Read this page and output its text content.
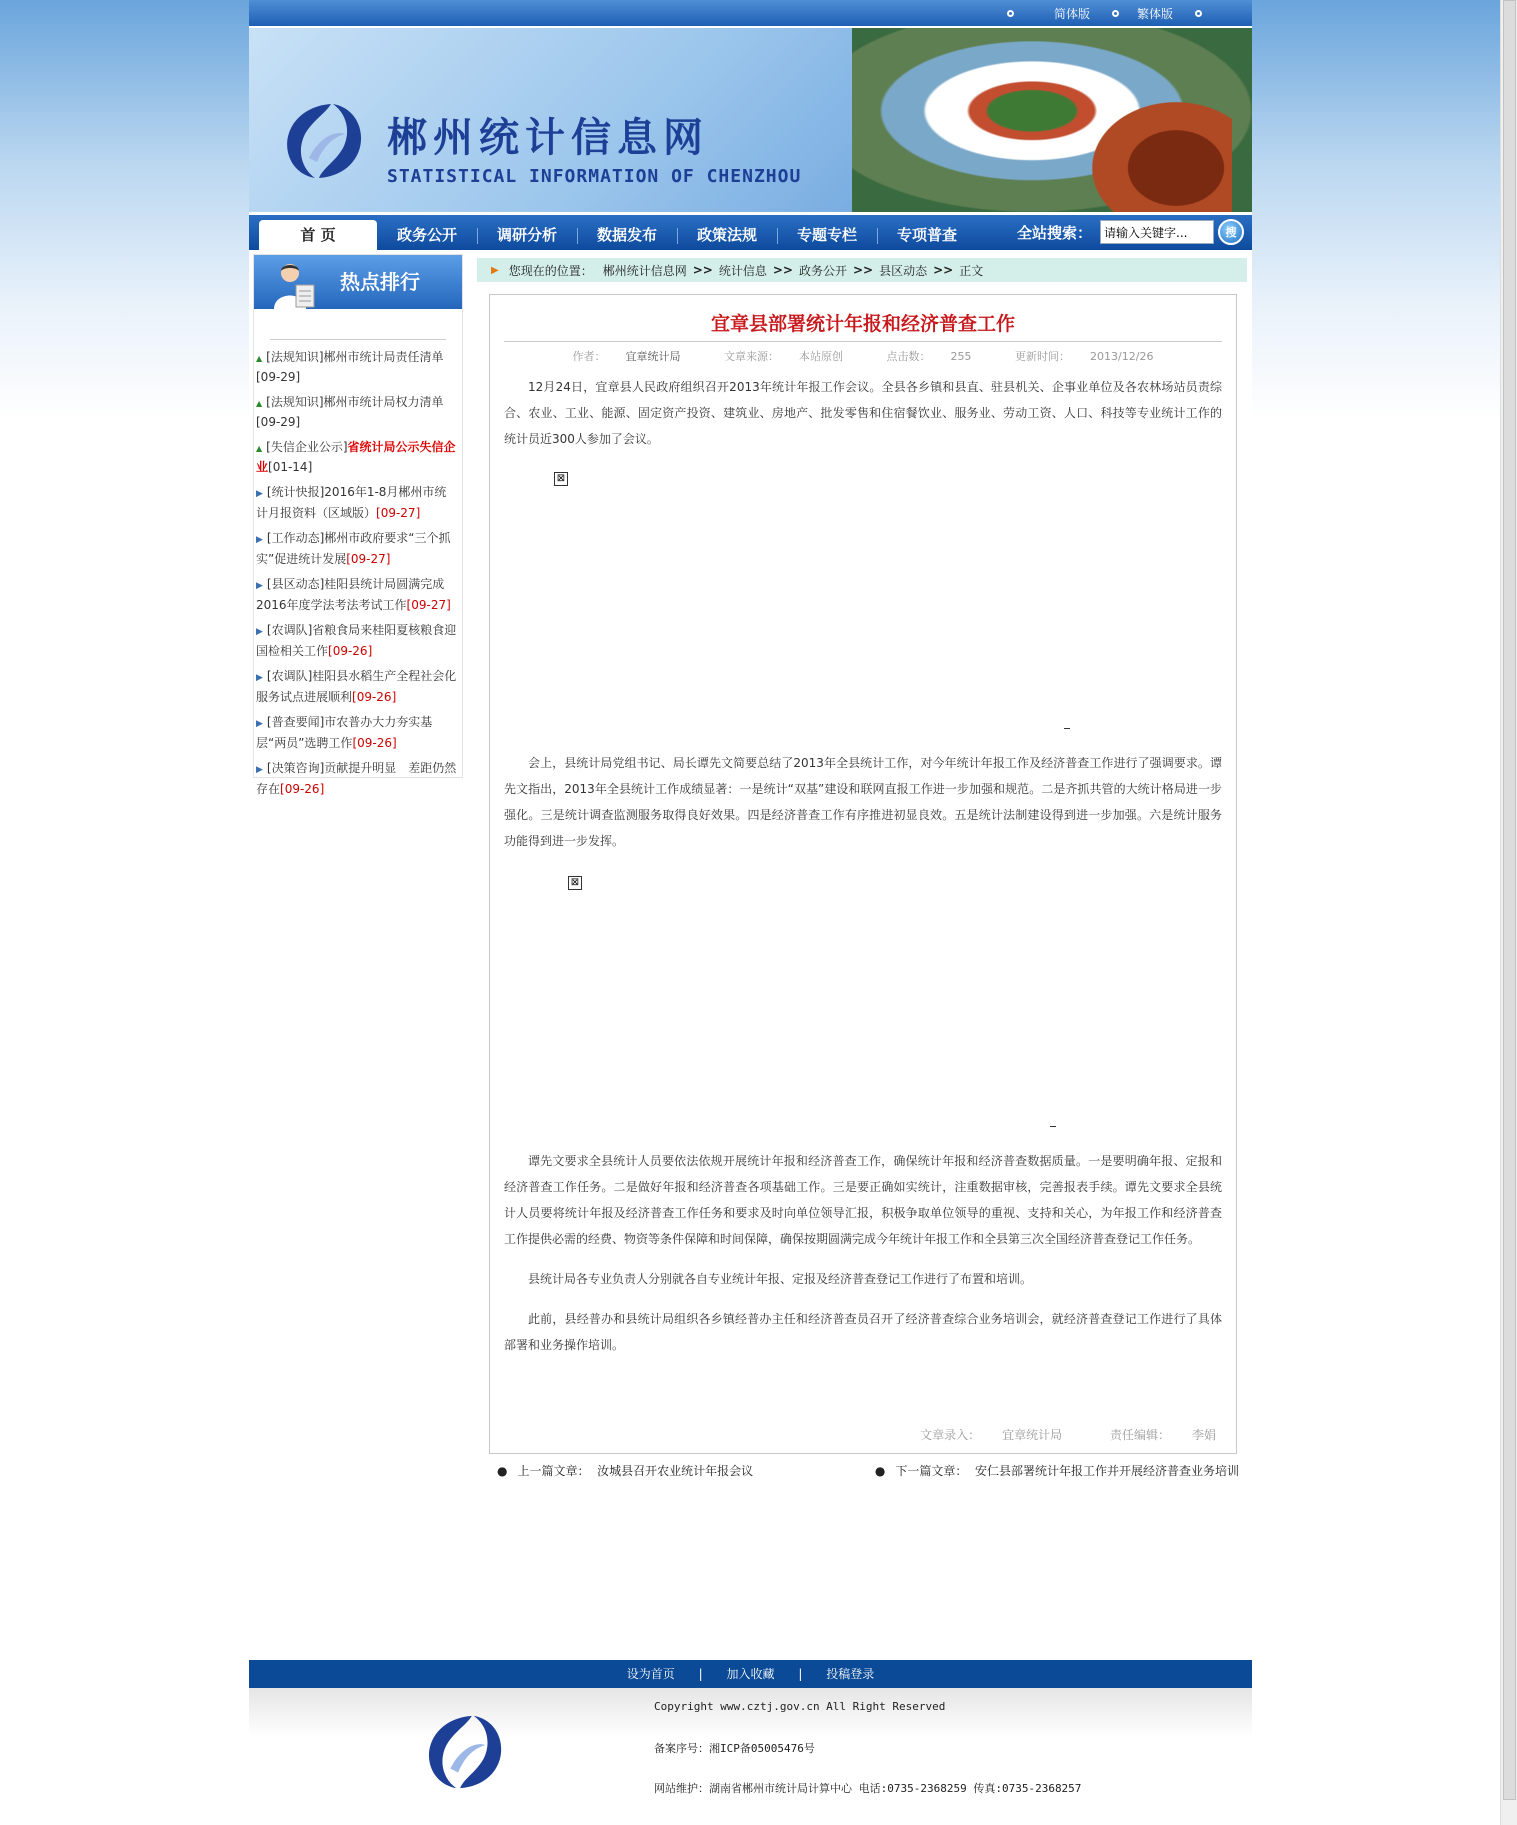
简体版	繁体版
郴州统计信息网
STATISTICAL INFORMATION OF CHENZHOU
首 页	政务公开	调研分析	数据发布	政策法规	专题专栏	专项普查	全站搜索：
请输入关键字...	搜
热点排行
▲ [法规知识]郴州市统计局责任清单
[09-29]
▲ [法规知识]郴州市统计局权力清单
[09-29]
▲ [失信企业公示]省统计局公示失信企业[01-14]
▶ [统计快报]2016年1-8月郴州市统计月报资料（区域版）[09-27]
▶ [工作动态]郴州市政府要求“三个抓实”促进统计发展[09-27]
▶ [县区动态]桂阳县统计局圆满完成2016年度学法考法考试工作[09-27]
▶ [农调队]省粮食局来桂阳夏核粮食迎国检相关工作[09-26]
▶ [农调队]桂阳县水稻生产全程社会化服务试点进展顺利[09-26]
▶ [普查要闻]市农普办大力夯实基层“两员”选聘工作[09-26]
▶ [决策咨询]贡献提升明显　差距仍然存在[09-26]
▶ 您现在的位置： 郴州统计信息网 >> 统计信息 >> 政务公开 >> 县区动态 >> 正文
宜章县部署统计年报和经济普查工作
作者： 宜章统计局	文章来源： 本站原创	点击数： 255	更新时间： 2013/12/26

12月24日，宜章县人民政府组织召开2013年统计年报工作会议。全县各乡镇和县直、驻县机关、企事业单位及各农林场站员责综合、农业、工业、能源、固定资产投资、建筑业、房地产、批发零售和住宿餐饮业、服务业、劳动工资、人口、科技等专业统计工作的统计员近300人参加了会议。

⊠

会上，县统计局党组书记、局长谭先文简要总结了2013年全县统计工作，对今年统计年报工作及经济普查工作进行了强调要求。谭先文指出，2013年全县统计工作成绩显著：一是统计“双基”建设和联网直报工作进一步加强和规范。二是齐抓共管的大统计格局进一步强化。三是统计调查监测服务取得良好效果。四是经济普查工作有序推进初显良效。五是统计法制建设得到进一步加强。六是统计服务功能得到进一步发挥。

⊠

谭先文要求全县统计人员要依法依规开展统计年报和经济普查工作，确保统计年报和经济普查数据质量。一是要明确年报、定报和经济普查工作任务。二是做好年报和经济普查各项基础工作。三是要正确如实统计，注重数据审核，完善报表手续。谭先文要求全县统计人员要将统计年报及经济普查工作任务和要求及时向单位领导汇报，积极争取单位领导的重视、支持和关心，为年报工作和经济普查工作提供必需的经费、物资等条件保障和时间保障，确保按期圆满完成今年统计年报工作和全县第三次全国经济普查登记工作任务。

县统计局各专业负责人分别就各自专业统计年报、定报及经济普查登记工作进行了布置和培训。

此前，县经普办和县统计局组织各乡镇经普办主任和经济普查员召开了经济普查综合业务培训会，就经济普查登记工作进行了具体部署和业务操作培训。

文章录入： 宜章统计局	责任编辑： 李娟
● 上一篇文章： 汝城县召开农业统计年报会议	● 下一篇文章： 安仁县部署统计年报工作并开展经济普查业务培训
设为首页 | 加入收藏 | 投稿登录
Copyright www.cztj.gov.cn All Right Reserved
备案序号：湘ICP备05005476号
网站维护：湖南省郴州市统计局计算中心 电话:0735-2368259 传真:0735-2368257
